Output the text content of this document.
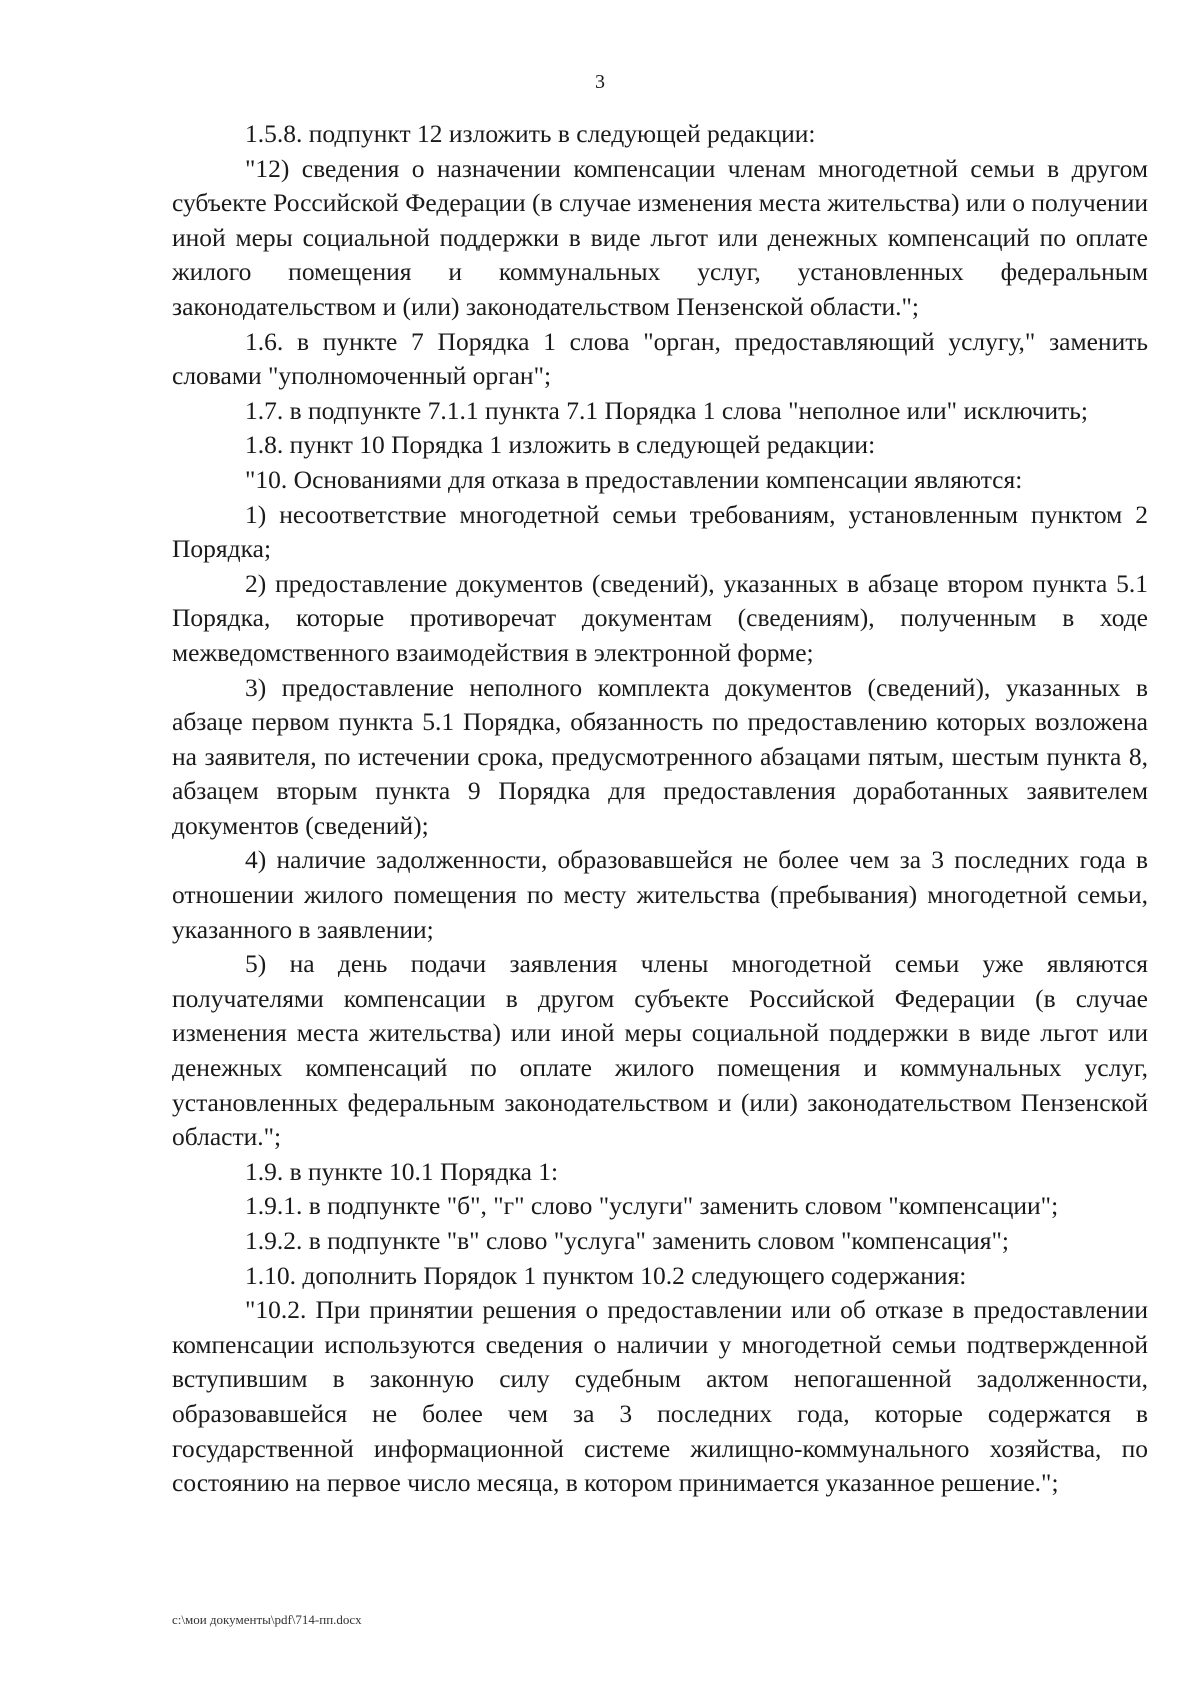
3

1.5.8. подпункт 12 изложить в следующей редакции:

"12) сведения о назначении компенсации членам многодетной семьи в другом субъекте Российской Федерации (в случае изменения места жительства) или о получении иной меры социальной поддержки в виде льгот или денежных компенсаций по оплате жилого помещения и коммунальных услуг, установленных федеральным законодательством и (или) законодательством Пензенской области.";

1.6. в пункте 7 Порядка 1 слова "орган, предоставляющий услугу," заменить словами "уполномоченный орган";

1.7. в подпункте 7.1.1 пункта 7.1 Порядка 1 слова "неполное или" исключить;

1.8. пункт 10 Порядка 1 изложить в следующей редакции:

"10. Основаниями для отказа в предоставлении компенсации являются:

1) несоответствие многодетной семьи требованиям, установленным пунктом 2 Порядка;

2) предоставление документов (сведений), указанных в абзаце втором пункта 5.1 Порядка, которые противоречат документам (сведениям), полученным в ходе межведомственного взаимодействия в электронной форме;

3) предоставление неполного комплекта документов (сведений), указанных в абзаце первом пункта 5.1 Порядка, обязанность по предоставлению которых возложена на заявителя, по истечении срока, предусмотренного абзацами пятым, шестым пункта 8, абзацем вторым пункта 9 Порядка для предоставления доработанных заявителем документов (сведений);

4) наличие задолженности, образовавшейся не более чем за 3 последних года в отношении жилого помещения по месту жительства (пребывания) многодетной семьи, указанного в заявлении;

5) на день подачи заявления члены многодетной семьи уже являются получателями компенсации в другом субъекте Российской Федерации (в случае изменения места жительства) или иной меры социальной поддержки в виде льгот или денежных компенсаций по оплате жилого помещения и коммунальных услуг, установленных федеральным законодательством и (или) законодательством Пензенской области.";

1.9. в пункте 10.1 Порядка 1:

1.9.1. в подпункте "б", "г" слово "услуги" заменить словом "компенсации";

1.9.2. в подпункте "в" слово "услуга" заменить словом "компенсация";

1.10. дополнить Порядок 1 пунктом 10.2 следующего содержания:

"10.2. При принятии решения о предоставлении или об отказе в предоставлении компенсации используются сведения о наличии у многодетной семьи подтвержденной вступившим в законную силу судебным актом непогашенной задолженности, образовавшейся не более чем за 3 последних года, которые содержатся в государственной информационной системе жилищно-коммунального хозяйства, по состоянию на первое число месяца, в котором принимается указанное решение.";

c:\мои документы\pdf\714-пп.docx
